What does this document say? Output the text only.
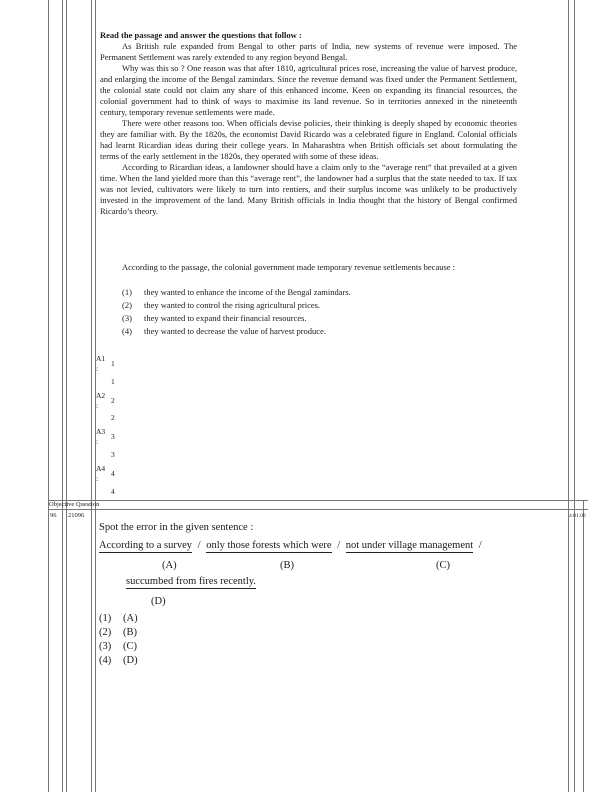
Read the passage and answer the questions that follow :

As British rule expanded from Bengal to other parts of India, new systems of revenue were imposed. The Permanent Settlement was rarely extended to any region beyond Bengal.

Why was this so ? One reason was that after 1810, agricultural prices rose, increasing the value of harvest produce, and enlarging the income of the Bengal zamindars. Since the revenue demand was fixed under the Permanent Settlement, the colonial state could not claim any share of this enhanced income. Keen on expanding its financial resources, the colonial government had to think of ways to maximise its land revenue. So in territories annexed in the nineteenth century, temporary revenue settlements were made.

There were other reasons too. When officials devise policies, their thinking is deeply shaped by economic theories they are familiar with. By the 1820s, the economist David Ricardo was a celebrated figure in England. Colonial officials had learnt Ricardian ideas during their college years. In Maharashtra when British officials set about formulating the terms of the early settlement in the 1820s, they operated with some of these ideas.

According to Ricardian ideas, a landowner should have a claim only to the “average rent” that prevailed at a given time. When the land yielded more than this “average rent”, the landowner had a surplus that the state needed to tax. If tax was not levied, cultivators were likely to turn into rentiers, and their surplus income was unlikely to be productively invested in the improvement of the land. Many British officials in India thought that the history of Bengal confirmed Ricardo’s theory.

According to the passage, the colonial government made temporary revenue settlements because :
(1) they wanted to enhance the income of the Bengal zamindars.
(2) they wanted to control the rising agricultural prices.
(3) they wanted to expand their financial resources.
(4) they wanted to decrease the value of harvest produce.
A1
:
1
1
A2
:
2
2
A3
:
3
3
A4
:
4
4
Objective Question
96 21096	4.0 1.00
Spot the error in the given sentence :
According to a survey / only those forests which were / not under village management /
(A)	(B)	(C)
succumbed from fires recently.
(D)
(1) (A)
(2) (B)
(3) (C)
(4) (D)
